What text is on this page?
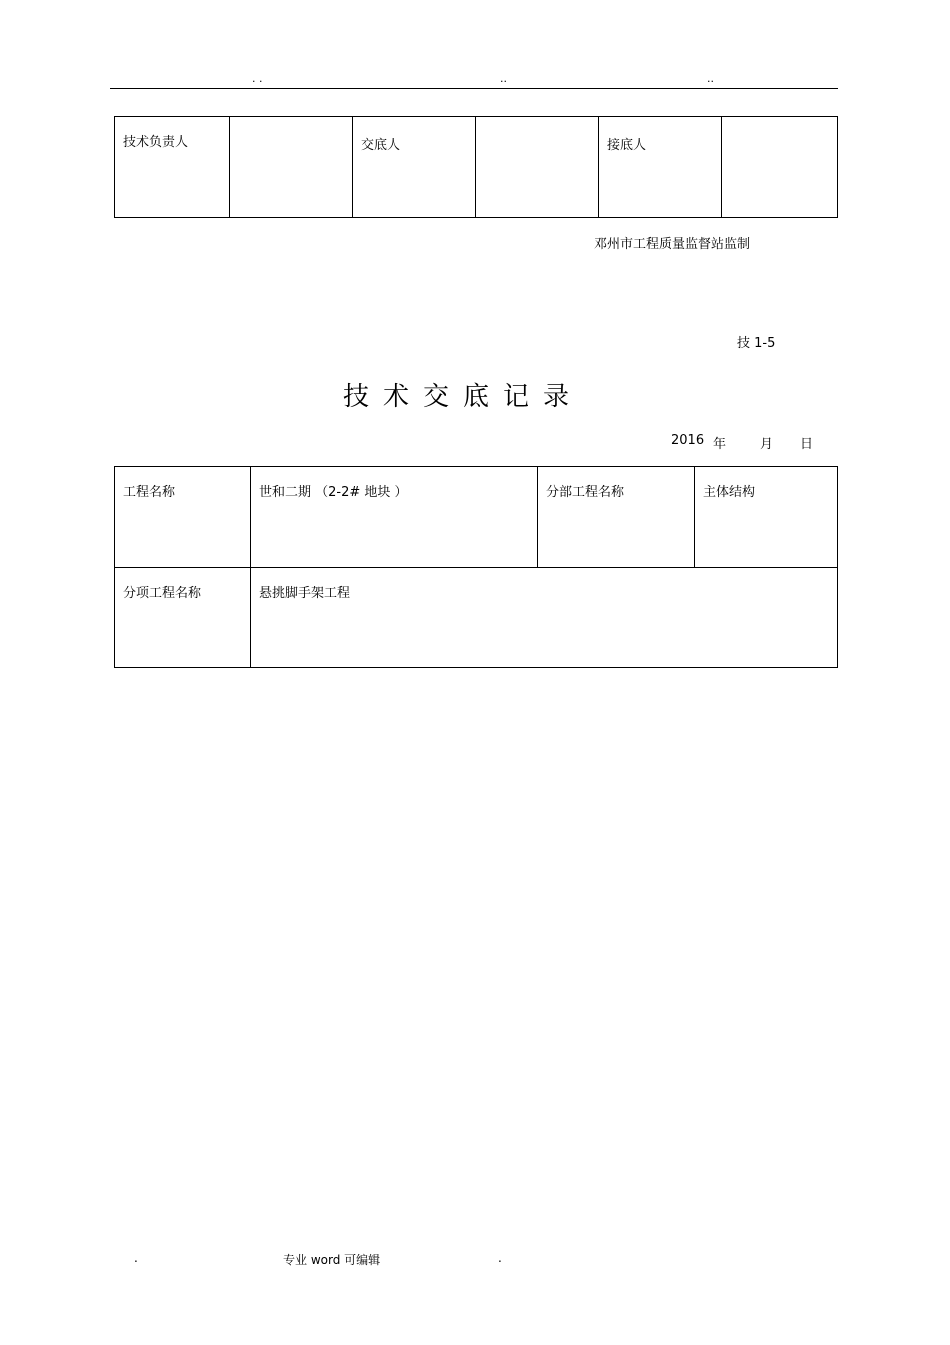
. .	..	..
技术负责人		交底人		接底人

邓州市工程质量监督站监制
技 1-5
技术交底记录
2016 年	月 日
工程名称	世和二期 （2-2# 地块 ）	分部工程名称	主体结构

分项工程名称	悬挑脚手架工程		
.	专业 word 可编辑	.
